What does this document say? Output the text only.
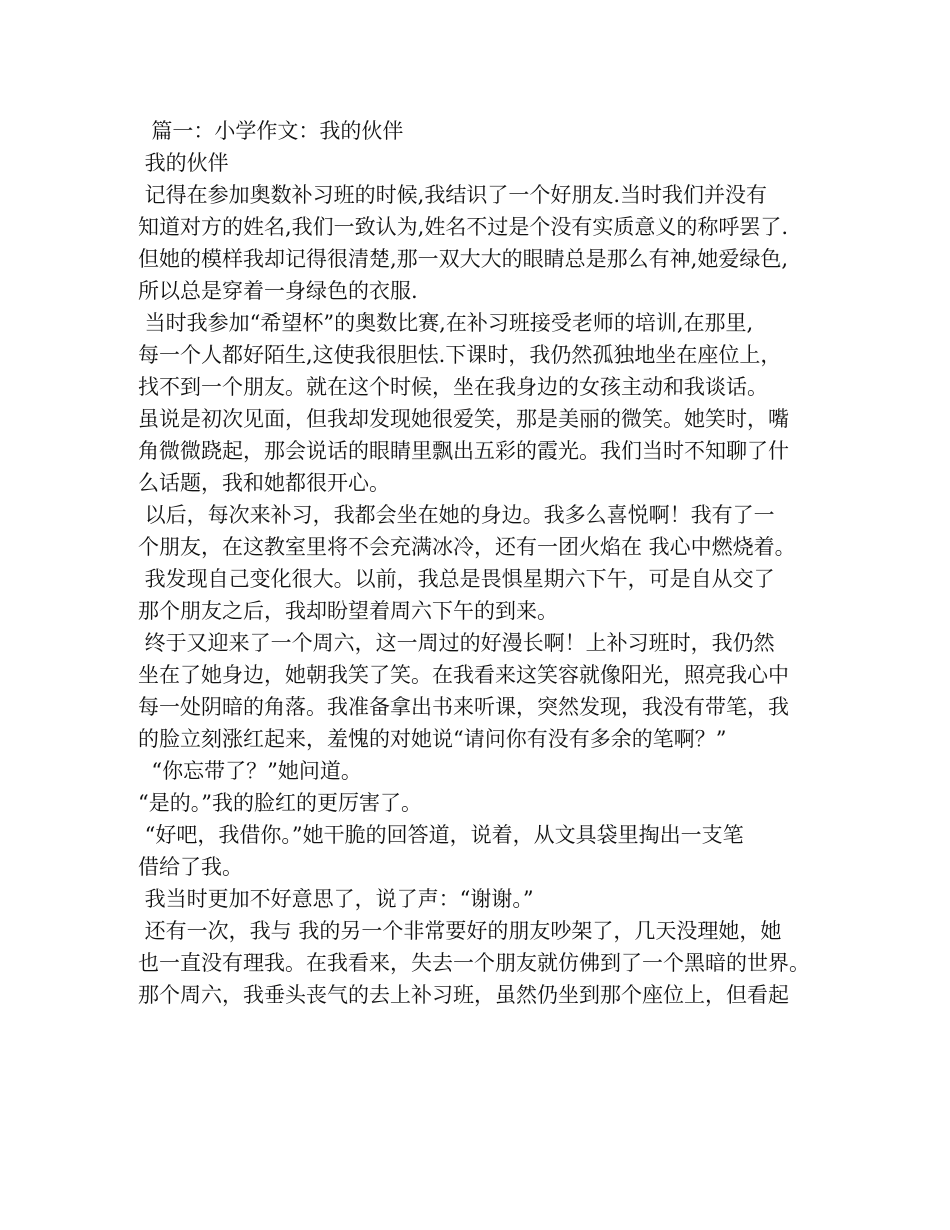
篇一：小学作文：我的伙伴
我的伙伴
记得在参加奥数补习班的时候,我结识了一个好朋友.当时我们并没有
知道对方的姓名,我们一致认为,姓名不过是个没有实质意义的称呼罢了.
但她的模样我却记得很清楚,那一双大大的眼睛总是那么有神,她爱绿色,
所以总是穿着一身绿色的衣服.
当时我参加“希望杯”的奥数比赛,在补习班接受老师的培训,在那里,
每一个人都好陌生,这使我很胆怯.下课时，我仍然孤独地坐在座位上，
找不到一个朋友。就在这个时候，坐在我身边的女孩主动和我谈话。
虽说是初次见面，但我却发现她很爱笑，那是美丽的微笑。她笑时，嘴
角微微跷起，那会说话的眼睛里飘出五彩的霞光。我们当时不知聊了什
么话题，我和她都很开心。
以后，每次来补习，我都会坐在她的身边。我多么喜悦啊！我有了一
个朋友，在这教室里将不会充满冰冷，还有一团火焰在 我心中燃烧着。
我发现自己变化很大。以前，我总是畏惧星期六下午，可是自从交了
那个朋友之后，我却盼望着周六下午的到来。
终于又迎来了一个周六，这一周过的好漫长啊！上补习班时，我仍然
坐在了她身边，她朝我笑了笑。在我看来这笑容就像阳光，照亮我心中
每一处阴暗的角落。我准备拿出书来听课，突然发现，我没有带笔，我
的脸立刻涨红起来，羞愧的对她说“请问你有没有多余的笔啊？”
“你忘带了？”她问道。
“是的。”我的脸红的更厉害了。
“好吧，我借你。”她干脆的回答道，说着，从文具袋里掏出一支笔
借给了我。
我当时更加不好意思了，说了声：“谢谢。”
还有一次，我与 我的另一个非常要好的朋友吵架了，几天没理她，她
也一直没有理我。在我看来，失去一个朋友就仿佛到了一个黑暗的世界。
那个周六，我垂头丧气的去上补习班，虽然仍坐到那个座位上，但看起
